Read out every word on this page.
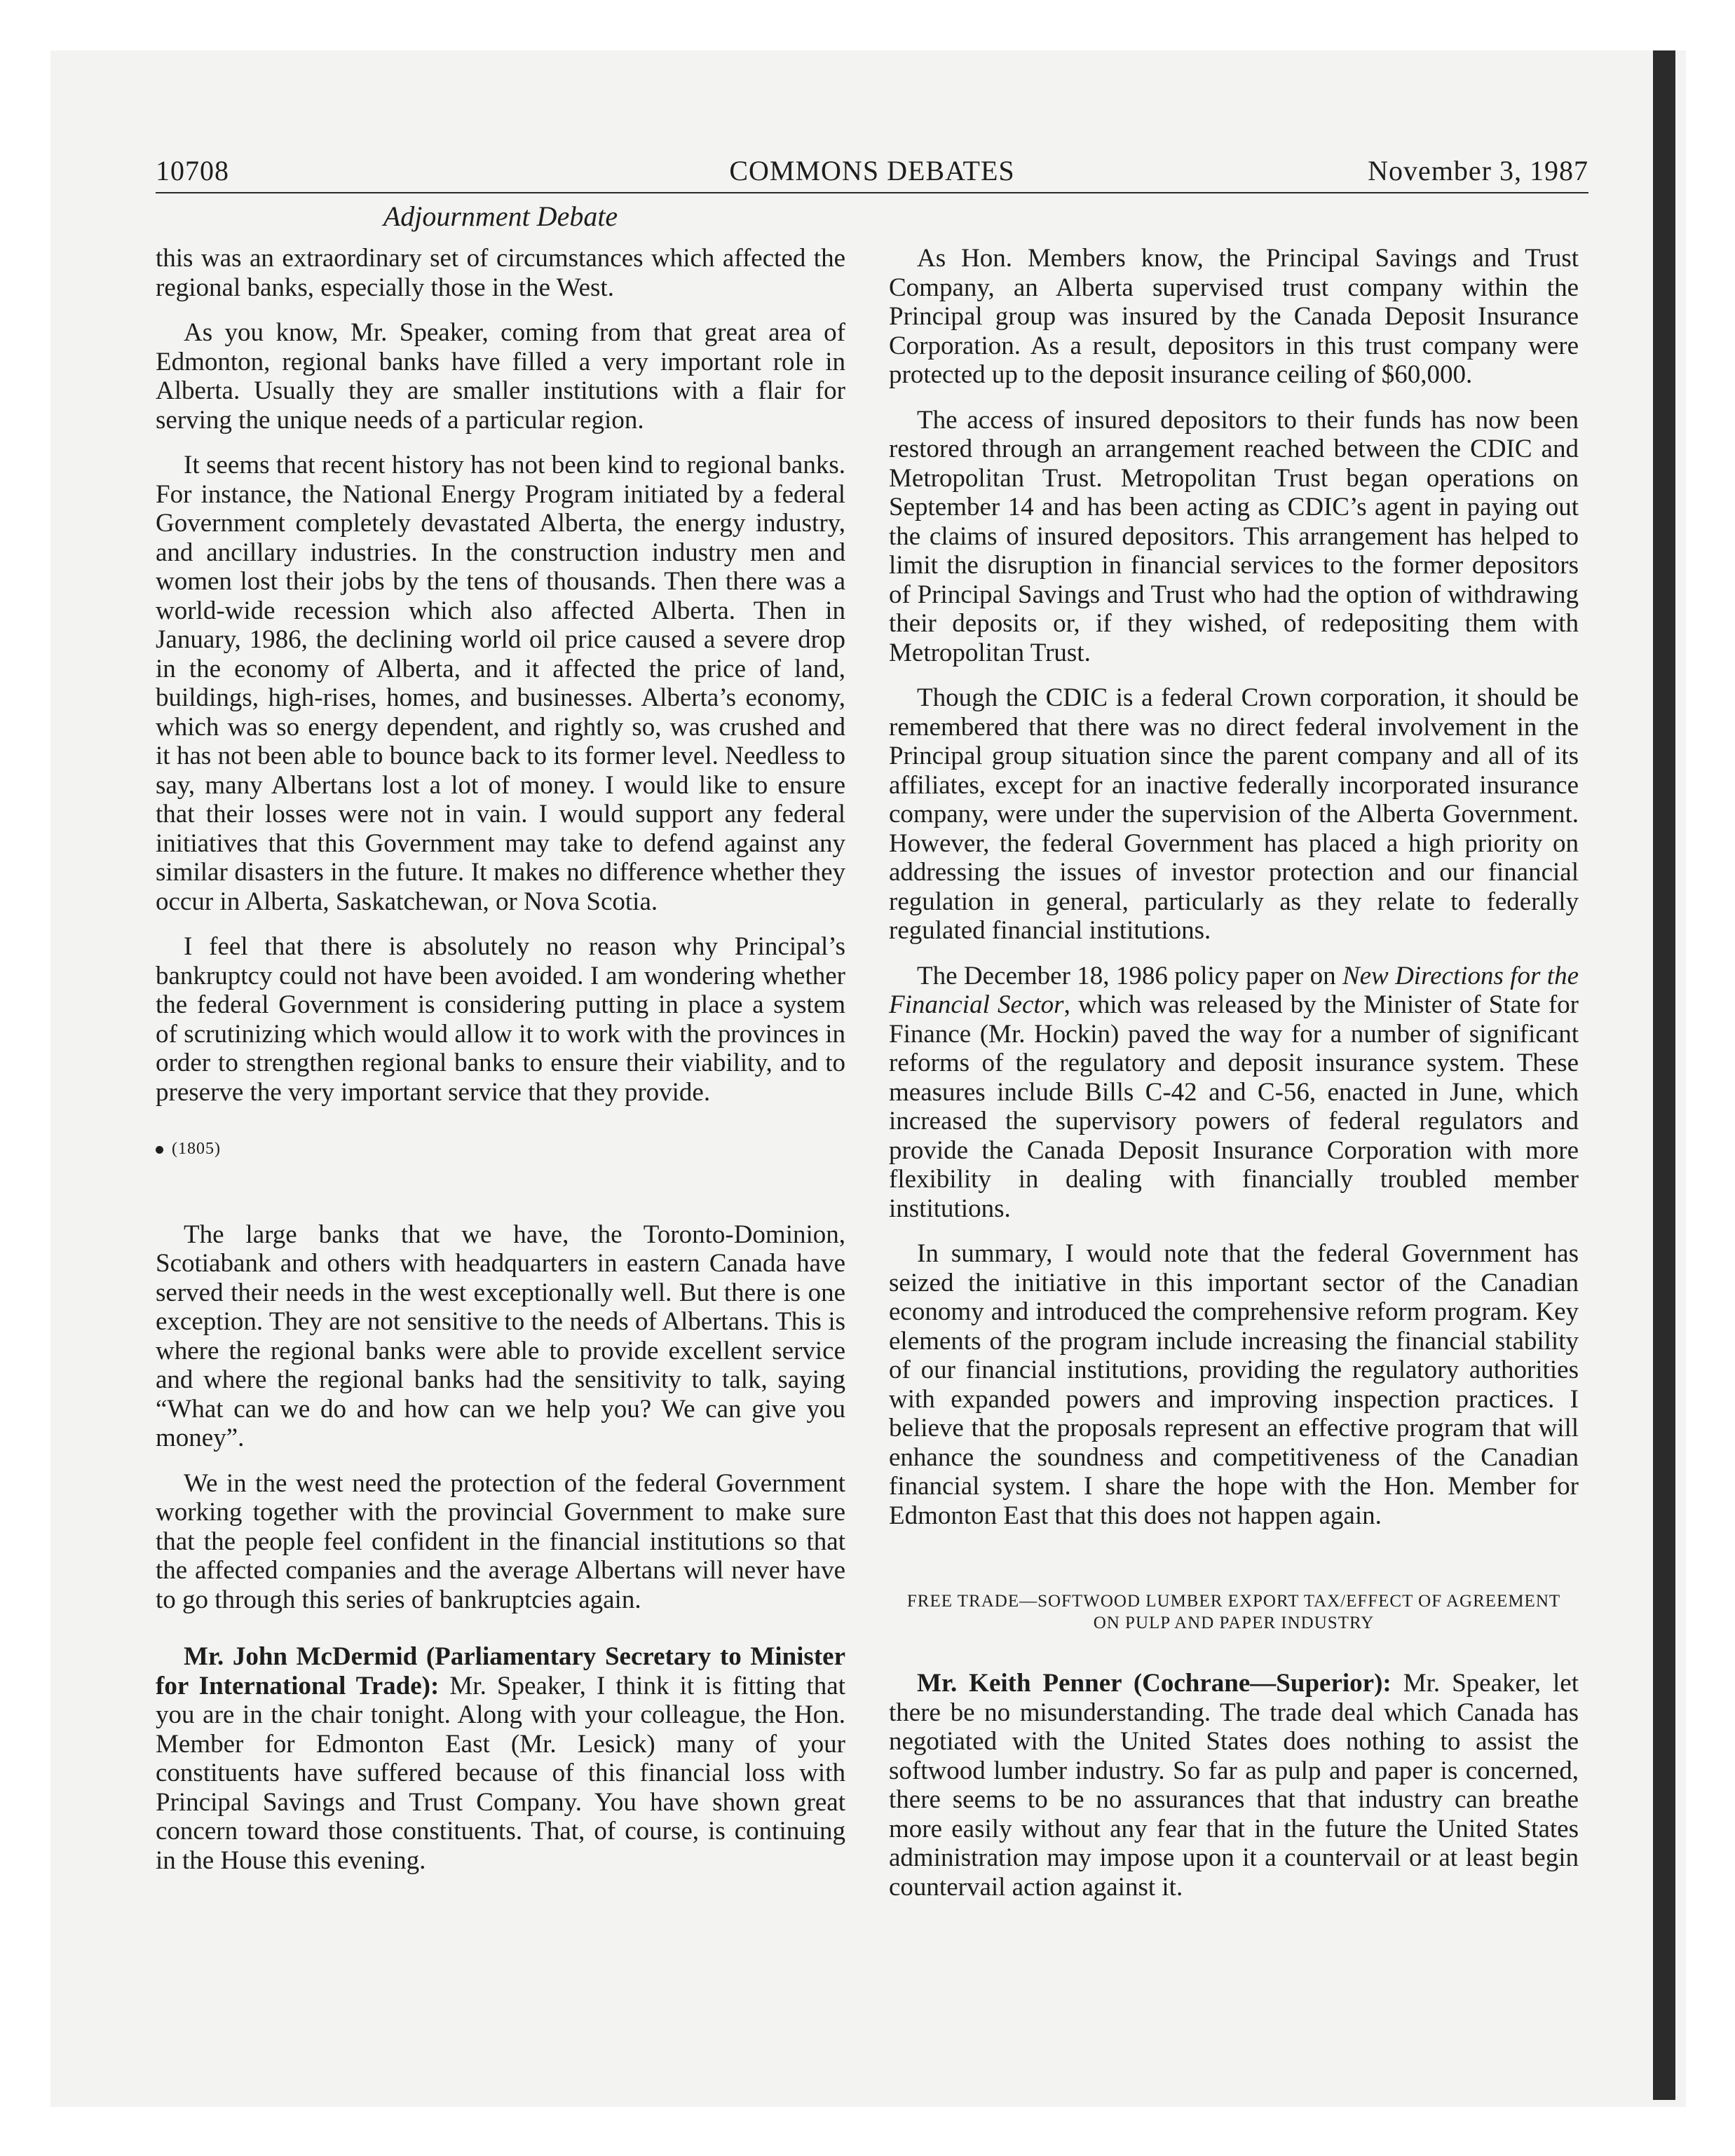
10708	COMMONS DEBATES	November 3, 1987
Adjournment Debate

this was an extraordinary set of circumstances which affected the regional banks, especially those in the West.

As you know, Mr. Speaker, coming from that great area of Edmonton, regional banks have filled a very important role in Alberta. Usually they are smaller institutions with a flair for serving the unique needs of a particular region.

It seems that recent history has not been kind to regional banks. For instance, the National Energy Program initiated by a federal Government completely devastated Alberta, the energy industry, and ancillary industries. In the construction industry men and women lost their jobs by the tens of thousands. Then there was a world-wide recession which also affected Alberta. Then in January, 1986, the declining world oil price caused a severe drop in the economy of Alberta, and it affected the price of land, buildings, high-rises, homes, and businesses. Alberta’s economy, which was so energy dependent, and rightly so, was crushed and it has not been able to bounce back to its former level. Needless to say, many Albertans lost a lot of money. I would like to ensure that their losses were not in vain. I would support any federal initiatives that this Government may take to defend against any similar disasters in the future. It makes no difference whether they occur in Alberta, Saskatchewan, or Nova Scotia.

I feel that there is absolutely no reason why Principal’s bankruptcy could not have been avoided. I am wondering whether the federal Government is considering putting in place a system of scrutinizing which would allow it to work with the provinces in order to strengthen regional banks to ensure their viability, and to preserve the very important service that they provide.

(1805)

The large banks that we have, the Toronto-Dominion, Scotiabank and others with headquarters in eastern Canada have served their needs in the west exceptionally well. But there is one exception. They are not sensitive to the needs of Albertans. This is where the regional banks were able to provide excellent service and where the regional banks had the sensitivity to talk, saying “What can we do and how can we help you? We can give you money”.

We in the west need the protection of the federal Government working together with the provincial Government to make sure that the people feel confident in the financial institutions so that the affected companies and the average Albertans will never have to go through this series of bankruptcies again.

Mr. John McDermid (Parliamentary Secretary to Minister for International Trade): Mr. Speaker, I think it is fitting that you are in the chair tonight. Along with your colleague, the Hon. Member for Edmonton East (Mr. Lesick) many of your constituents have suffered because of this financial loss with Principal Savings and Trust Company. You have shown great concern toward those constituents. That, of course, is continuing in the House this evening.

As Hon. Members know, the Principal Savings and Trust Company, an Alberta supervised trust company within the Principal group was insured by the Canada Deposit Insurance Corporation. As a result, depositors in this trust company were protected up to the deposit insurance ceiling of $60,000.

The access of insured depositors to their funds has now been restored through an arrangement reached between the CDIC and Metropolitan Trust. Metropolitan Trust began operations on September 14 and has been acting as CDIC’s agent in paying out the claims of insured depositors. This arrangement has helped to limit the disruption in financial services to the former depositors of Principal Savings and Trust who had the option of withdrawing their deposits or, if they wished, of redepositing them with Metropolitan Trust.

Though the CDIC is a federal Crown corporation, it should be remembered that there was no direct federal involvement in the Principal group situation since the parent company and all of its affiliates, except for an inactive federally incorporated insurance company, were under the supervision of the Alberta Government. However, the federal Government has placed a high priority on addressing the issues of investor protection and our financial regulation in general, particularly as they relate to federally regulated financial institutions.

The December 18, 1986 policy paper on New Directions for the Financial Sector, which was released by the Minister of State for Finance (Mr. Hockin) paved the way for a number of significant reforms of the regulatory and deposit insurance system. These measures include Bills C-42 and C-56, enacted in June, which increased the supervisory powers of federal regulators and provide the Canada Deposit Insurance Corporation with more flexibility in dealing with financially troubled member institutions.

In summary, I would note that the federal Government has seized the initiative in this important sector of the Canadian economy and introduced the comprehensive reform program. Key elements of the program include increasing the financial stability of our financial institutions, providing the regulatory authorities with expanded powers and improving inspection practices. I believe that the proposals represent an effective program that will enhance the soundness and competitiveness of the Canadian financial system. I share the hope with the Hon. Member for Edmonton East that this does not happen again.

FREE TRADE—SOFTWOOD LUMBER EXPORT TAX/EFFECT OF AGREEMENT ON PULP AND PAPER INDUSTRY

Mr. Keith Penner (Cochrane—Superior): Mr. Speaker, let there be no misunderstanding. The trade deal which Canada has negotiated with the United States does nothing to assist the softwood lumber industry. So far as pulp and paper is concerned, there seems to be no assurances that that industry can breathe more easily without any fear that in the future the United States administration may impose upon it a countervail or at least begin countervail action against it.
